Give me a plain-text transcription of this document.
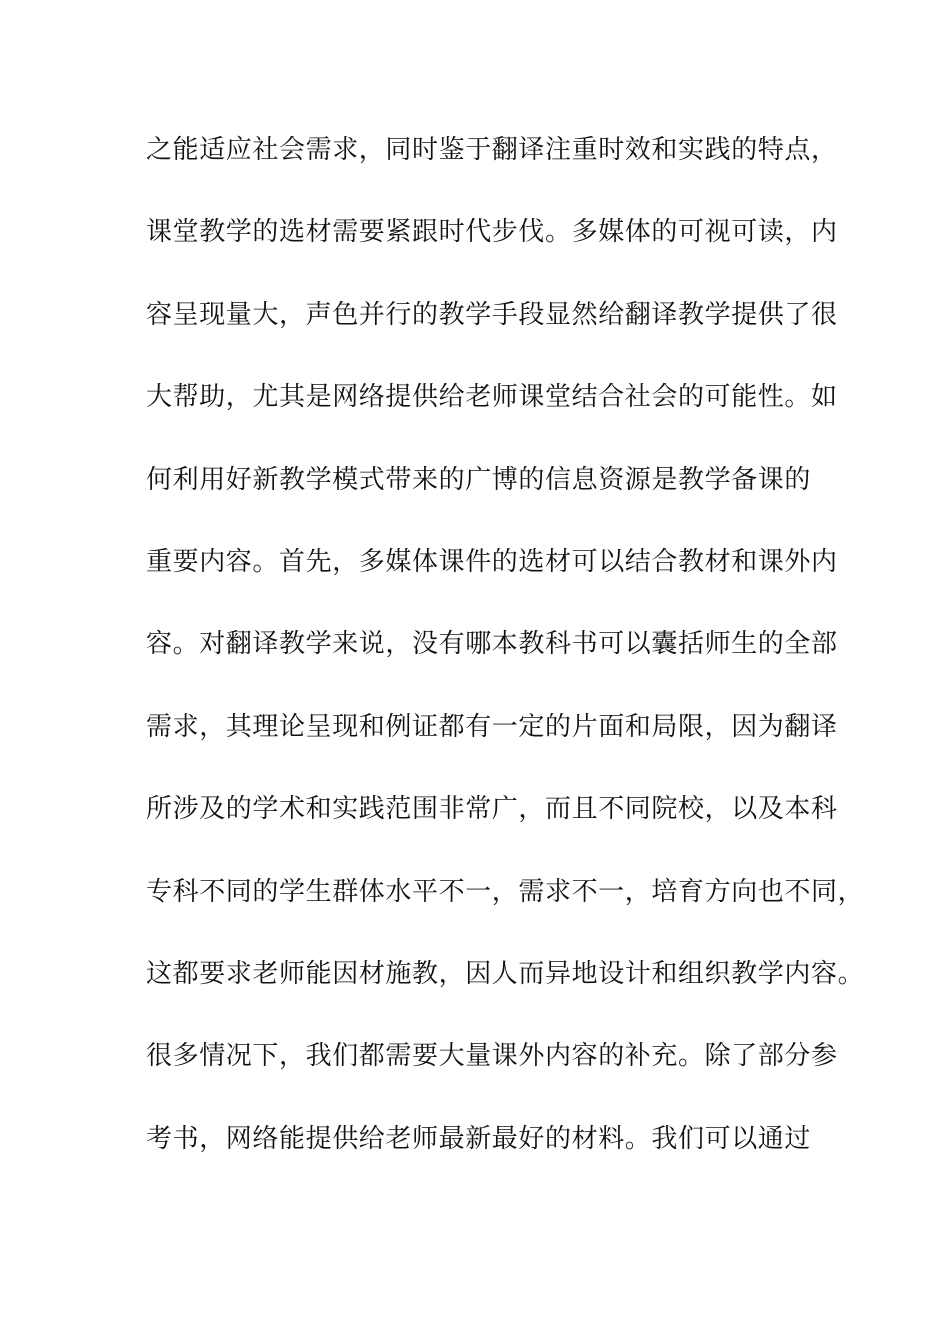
之能适应社会需求，同时鉴于翻译注重时效和实践的特点，
课堂教学的选材需要紧跟时代步伐。多媒体的可视可读，内
容呈现量大，声色并行的教学手段显然给翻译教学提供了很
大帮助，尤其是网络提供给老师课堂结合社会的可能性。如
何利用好新教学模式带来的广博的信息资源是教学备课的
重要内容。首先，多媒体课件的选材可以结合教材和课外内
容。对翻译教学来说，没有哪本教科书可以囊括师生的全部
需求，其理论呈现和例证都有一定的片面和局限，因为翻译
所涉及的学术和实践范围非常广，而且不同院校，以及本科
专科不同的学生群体水平不一，需求不一，培育方向也不同，
这都要求老师能因材施教，因人而异地设计和组织教学内容。
很多情况下，我们都需要大量课外内容的补充。除了部分参
考书，网络能提供给老师最新最好的材料。我们可以通过
